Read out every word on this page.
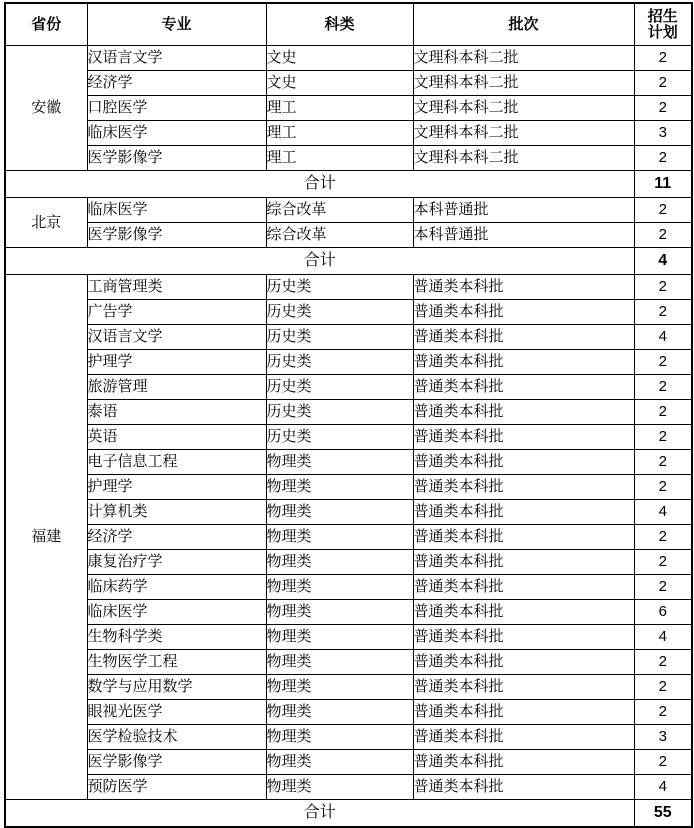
省份	专业	科类	批次	招生
计划

安徽	汉语言文学	文史	文理科本科二批	2
	经济学	文史	文理科本科二批	2
	口腔医学	理工	文理科本科二批	2
	临床医学	理工	文理科本科二批	3
	医学影像学	理工	文理科本科二批	2
合计				11
北京	临床医学	综合改革	本科普通批	2
	医学影像学	综合改革	本科普通批	2
合计				4
福建	工商管理类	历史类	普通类本科批	2
	广告学	历史类	普通类本科批	2
	汉语言文学	历史类	普通类本科批	4
	护理学	历史类	普通类本科批	2
	旅游管理	历史类	普通类本科批	2
	泰语	历史类	普通类本科批	2
	英语	历史类	普通类本科批	2
	电子信息工程	物理类	普通类本科批	2
	护理学	物理类	普通类本科批	2
	计算机类	物理类	普通类本科批	4
	经济学	物理类	普通类本科批	2
	康复治疗学	物理类	普通类本科批	2
	临床药学	物理类	普通类本科批	2
	临床医学	物理类	普通类本科批	6
	生物科学类	物理类	普通类本科批	4
	生物医学工程	物理类	普通类本科批	2
	数学与应用数学	物理类	普通类本科批	2
	眼视光医学	物理类	普通类本科批	2
	医学检验技术	物理类	普通类本科批	3
	医学影像学	物理类	普通类本科批	2
	预防医学	物理类	普通类本科批	4
合计				55
